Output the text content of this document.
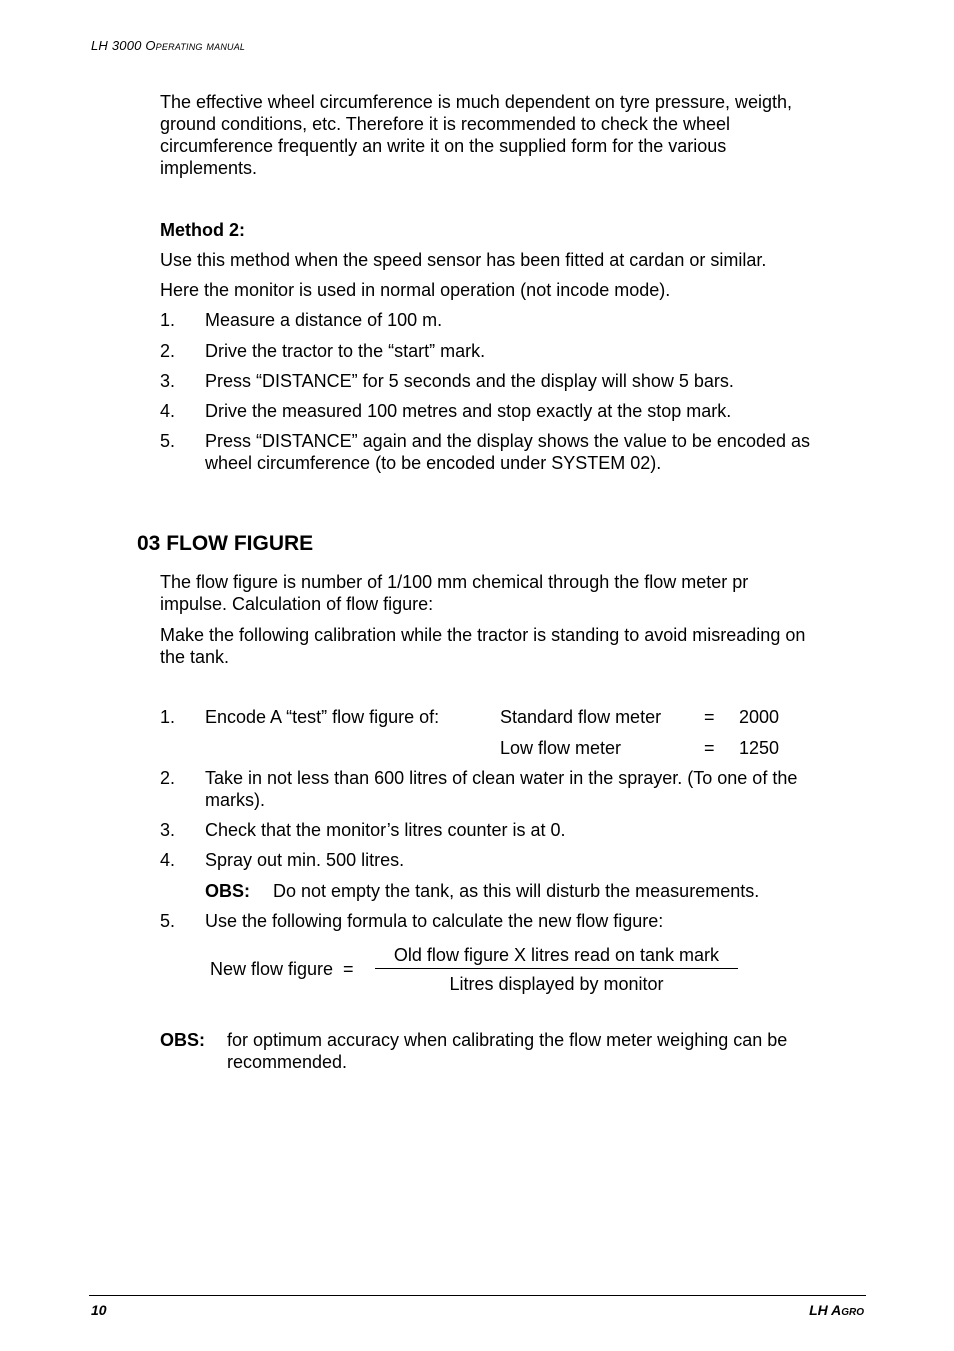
LH 3000 Operating manual
The effective wheel circumference is much dependent on tyre pressure, weigth,
ground conditions, etc. Therefore it is recommended to check the wheel
circumference frequently an write it on the supplied form for the various
implements.
Method 2:
Use this method when the speed sensor has been fitted at cardan or similar.
Here the monitor is used in normal operation (not incode mode).
1. Measure a distance of 100 m.
2. Drive the tractor to the “start” mark.
3. Press “DISTANCE” for 5 seconds and the display will show 5 bars.
4. Drive the measured 100 metres and stop exactly at the stop mark.
5. Press “DISTANCE” again and the display shows the value to be encoded as
wheel circumference (to be encoded under SYSTEM 02).
03 FLOW FIGURE
The flow figure is number of 1/100 mm chemical through the flow meter pr
impulse. Calculation of flow figure:
Make the following calibration while the tractor is standing to avoid misreading on
the tank.
1. Encode A “test” flow figure of:	Standard flow meter = 2000
Low flow meter	= 1250
2. Take in not less than 600 litres of clean water in the sprayer. (To one of the
marks).
3. Check that the monitor’s litres counter is at 0.
4. Spray out min. 500 litres.
OBS: Do not empty the tank, as this will disturb the measurements.
5. Use the following formula to calculate the new flow figure:
New flow figure  =
Old flow figure X litres read on tank mark
Litres displayed by monitor
OBS: for optimum accuracy when calibrating the flow meter weighing can be
recommended.
10	LH Agro
